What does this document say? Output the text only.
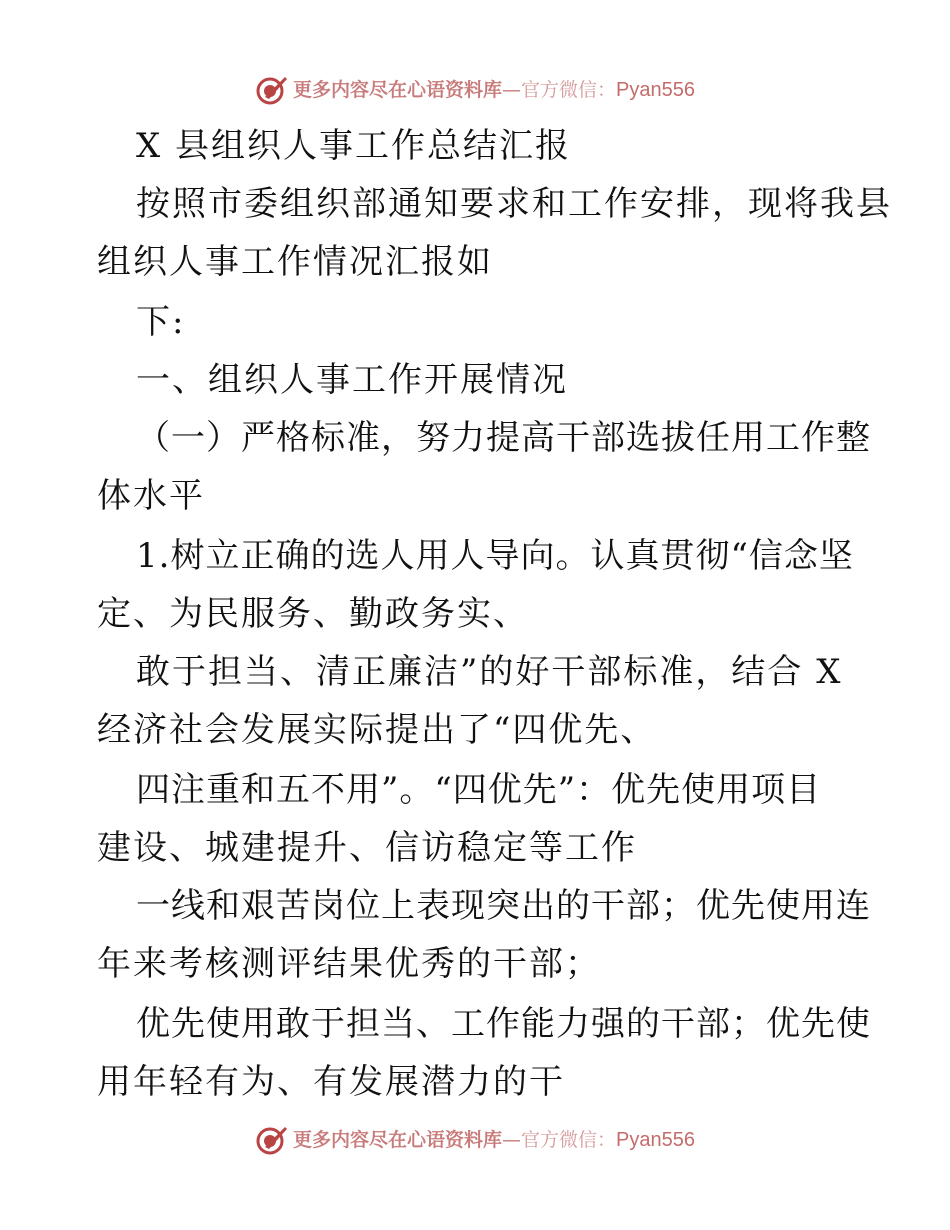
更多内容尽在心语资料库 — 官方微信： Pyan556
X 县组织人事工作总结汇报
按照市委组织部通知要求和工作安排，现将我县
组织人事工作情况汇报如
下:
一、组织人事工作开展情况
（一）严格标准，努力提高干部选拔任用工作整
体水平
1.树立正确的选人用人导向。认真贯彻“信念坚
定、为民服务、勤政务实、
敢于担当、清正廉洁”的好干部标准，结合 X
经济社会发展实际提出了“四优先、
四注重和五不用”。“四优先”：优先使用项目
建设、城建提升、信访稳定等工作
一线和艰苦岗位上表现突出的干部；优先使用连
年来考核测评结果优秀的干部；
优先使用敢于担当、工作能力强的干部；优先使
用年轻有为、有发展潜力的干
更多内容尽在心语资料库 — 官方微信： Pyan556
